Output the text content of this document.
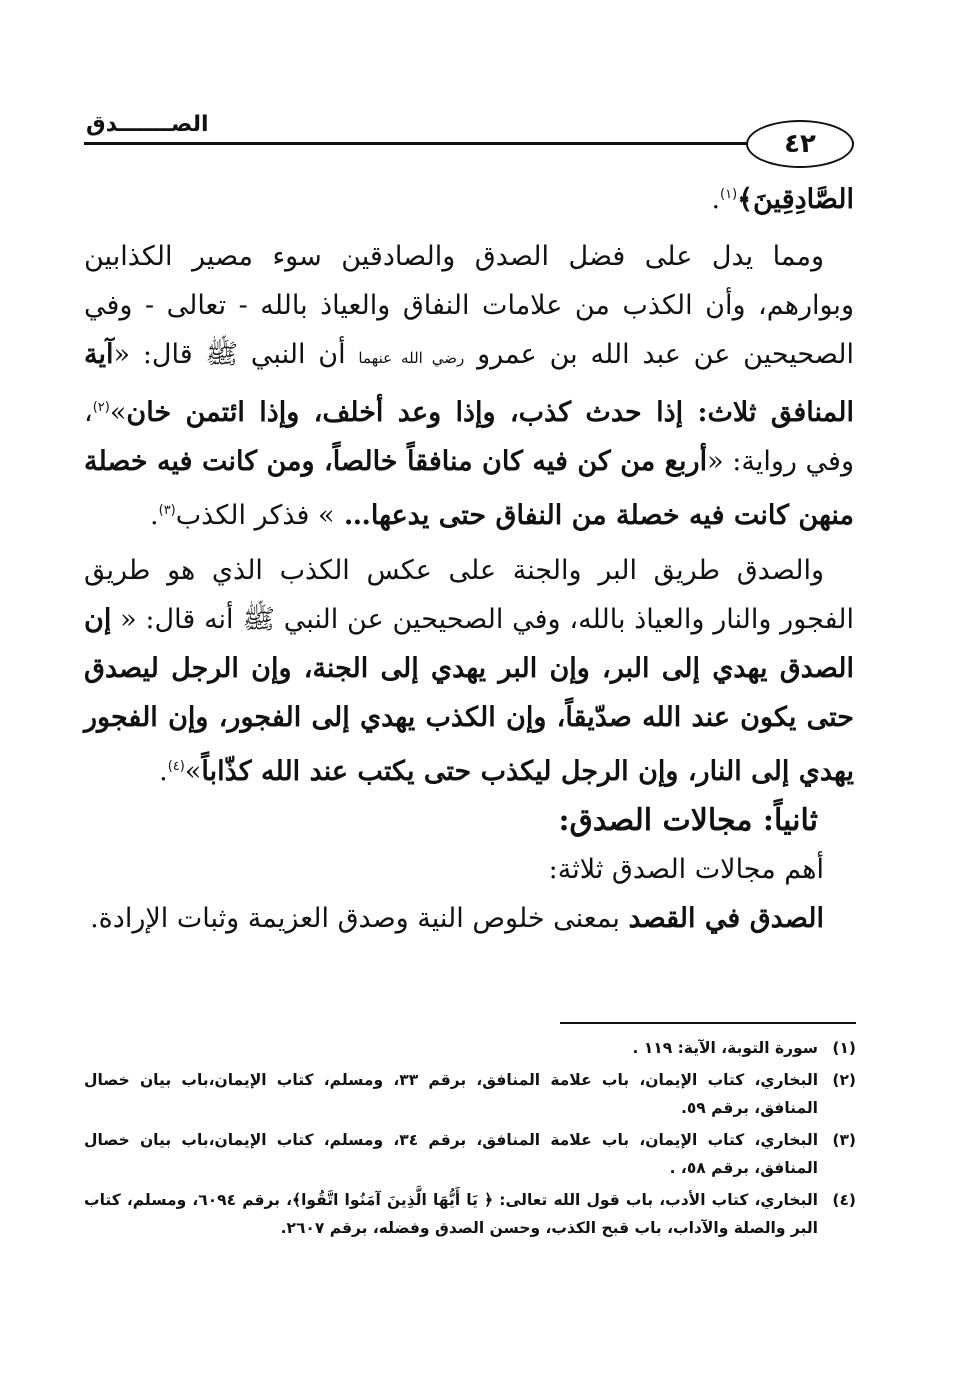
٤٢
الصـــــــدق

الصَّادِقِينَ﴾$^{(١)}$.

ومما يدل على فضل الصدق والصادقين سوء مصير الكذابين وبوارهم، وأن الكذب من علامات النفاق والعياذ بالله - تعالى - وفي الصحيحين عن عبد الله بن عمرو رضي الله عنهما أن النبي ﷺ قال: «آية المنافق ثلاث: إذا حدث كذب، وإذا وعد أخلف، وإذا ائتمن خان»$^{(٢)}$، وفي رواية: «أربع من كن فيه كان منافقاً خالصاً، ومن كانت فيه خصلة منهن كانت فيه خصلة من النفاق حتى يدعها… » فذكر الكذب$^{(٣)}$.

والصدق طريق البر والجنة على عكس الكذب الذي هو طريق الفجور والنار والعياذ بالله، وفي الصحيحين عن النبي ﷺ أنه قال: « إن الصدق يهدي إلى البر، وإن البر يهدي إلى الجنة، وإن الرجل ليصدق حتى يكون عند الله صدّيقاً، وإن الكذب يهدي إلى الفجور، وإن الفجور يهدي إلى النار، وإن الرجل ليكذب حتى يكتب عند الله كذّاباً»$^{(٤)}$.

ثانياً: مجالات الصدق:

أهم مجالات الصدق ثلاثة:

الصدق في القصد بمعنى خلوص النية وصدق العزيمة وثبات الإرادة.

(١)
سورة التوبة، الآية: ١١٩ .
(٢)
البخاري، كتاب الإيمان، باب علامة المنافق، برقم ٣٣، ومسلم، كتاب الإيمان،باب بيان خصال المنافق، برقم ٥٩.
(٣)
البخاري، كتاب الإيمان، باب علامة المنافق، برقم ٣٤، ومسلم، كتاب الإيمان،باب بيان خصال المنافق، برقم ٥٨، .
(٤)
البخاري، كتاب الأدب، باب قول الله تعالى: ﴿ يَا أَيُّهَا الَّذِينَ آمَنُوا اتَّقُوا﴾، برقم ٦٠٩٤، ومسلم، كتاب البر والصلة والآداب، باب قبح الكذب، وحسن الصدق وفضله، برقم ٢٦٠٧.
